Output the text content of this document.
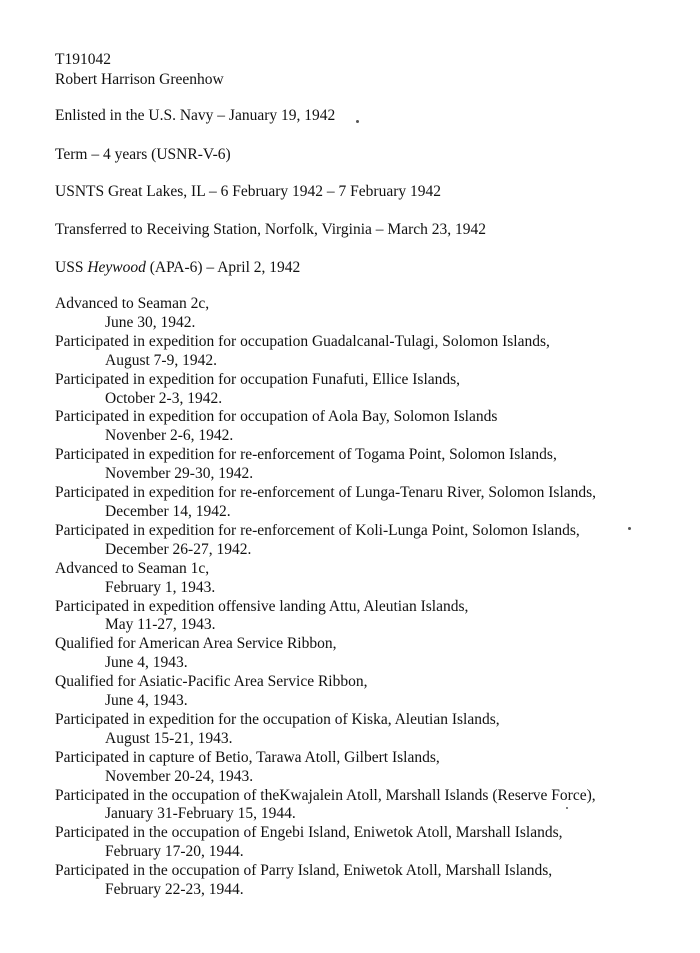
T191042
Robert Harrison Greenhow
Enlisted in the U.S. Navy – January 19, 1942
Term – 4 years (USNR-V-6)
USNTS Great Lakes, IL – 6 February 1942 – 7 February 1942
Transferred to Receiving Station, Norfolk, Virginia – March 23, 1942
USS Heywood (APA-6) – April 2, 1942
Advanced to Seaman 2c,
June 30, 1942.
Participated in expedition for occupation Guadalcanal-Tulagi, Solomon Islands,
August 7-9, 1942.
Participated in expedition for occupation Funafuti, Ellice Islands,
October 2-3, 1942.
Participated in expedition for occupation of Aola Bay, Solomon Islands
Novenber 2-6, 1942.
Participated in expedition for re-enforcement of Togama Point, Solomon Islands,
November 29-30, 1942.
Participated in expedition for re-enforcement of Lunga-Tenaru River, Solomon Islands,
December 14, 1942.
Participated in expedition for re-enforcement of Koli-Lunga Point, Solomon Islands,
December 26-27, 1942.
Advanced to Seaman 1c,
February 1, 1943.
Participated in expedition offensive landing Attu, Aleutian Islands,
May 11-27, 1943.
Qualified for American Area Service Ribbon,
June 4, 1943.
Qualified for Asiatic-Pacific Area Service Ribbon,
June 4, 1943.
Participated in expedition for the occupation of Kiska, Aleutian Islands,
August 15-21, 1943.
Participated in capture of Betio, Tarawa Atoll, Gilbert Islands,
November 20-24, 1943.
Participated in the occupation of theKwajalein Atoll, Marshall Islands (Reserve Force),
January 31-February 15, 1944.
Participated in the occupation of Engebi Island, Eniwetok Atoll, Marshall Islands,
February 17-20, 1944.
Participated in the occupation of Parry Island, Eniwetok Atoll, Marshall Islands,
February 22-23, 1944.
